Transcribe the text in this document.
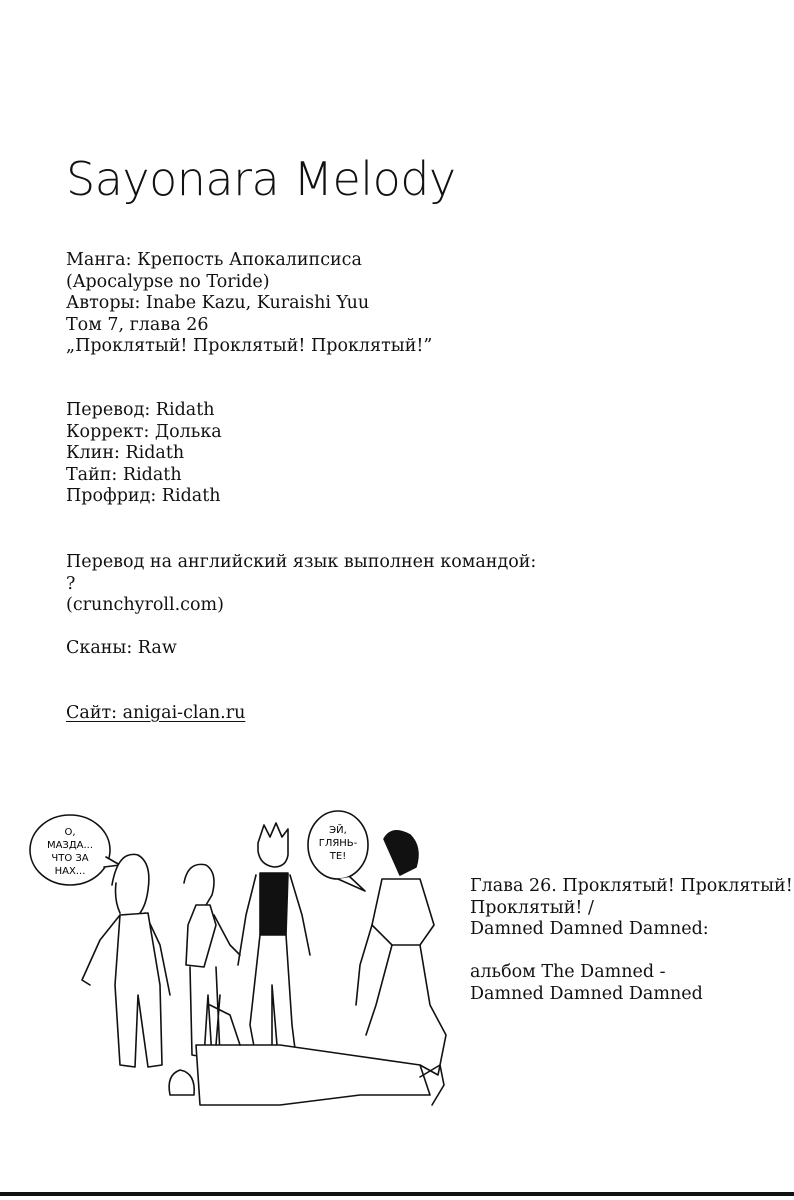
Sayonara Melody
Манга: Крепость Апокалипсиса
(Apocalypse no Toride)
Авторы: Inabe Kazu, Kuraishi Yuu
Том 7, глава 26
„Проклятый! Проклятый! Проклятый!”
Перевод: Ridath
Коррект: Долька
Клин: Ridath
Тайп: Ridath
Профрид: Ridath
Перевод на английский язык выполнен командой:
?
(crunchyroll.com)
Сканы: Raw
Сайт: anigai-clan.ru
Глава 26. Проклятый! Проклятый!
Проклятый! /
Damned Damned Damned:
альбом The Damned -
Damned Damned Damned
О,
МАЗДА...
ЧТО ЗА
НАХ...
ЭЙ,
ГЛЯНЬ-
ТЕ!
